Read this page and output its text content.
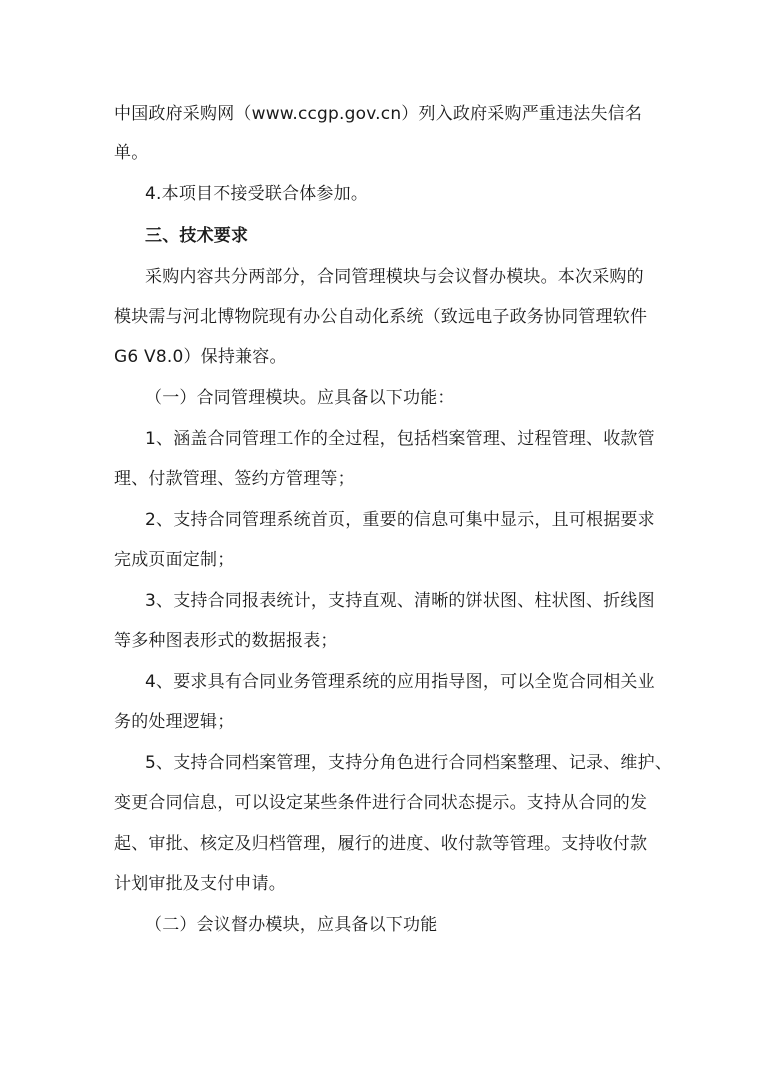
中国政府采购网（www.ccgp.gov.cn）列入政府采购严重违法失信名
单。
4.本项目不接受联合体参加。
三、技术要求
采购内容共分两部分，合同管理模块与会议督办模块。本次采购的
模块需与河北博物院现有办公自动化系统（致远电子政务协同管理软件
G6 V8.0）保持兼容。
（一）合同管理模块。应具备以下功能：
1、涵盖合同管理工作的全过程，包括档案管理、过程管理、收款管
理、付款管理、签约方管理等；
2、支持合同管理系统首页，重要的信息可集中显示，且可根据要求
完成页面定制；
3、支持合同报表统计，支持直观、清晰的饼状图、柱状图、折线图
等多种图表形式的数据报表；
4、要求具有合同业务管理系统的应用指导图，可以全览合同相关业
务的处理逻辑；
5、支持合同档案管理，支持分角色进行合同档案整理、记录、维护、
变更合同信息，可以设定某些条件进行合同状态提示。支持从合同的发
起、审批、核定及归档管理，履行的进度、收付款等管理。支持收付款
计划审批及支付申请。
（二）会议督办模块，应具备以下功能
